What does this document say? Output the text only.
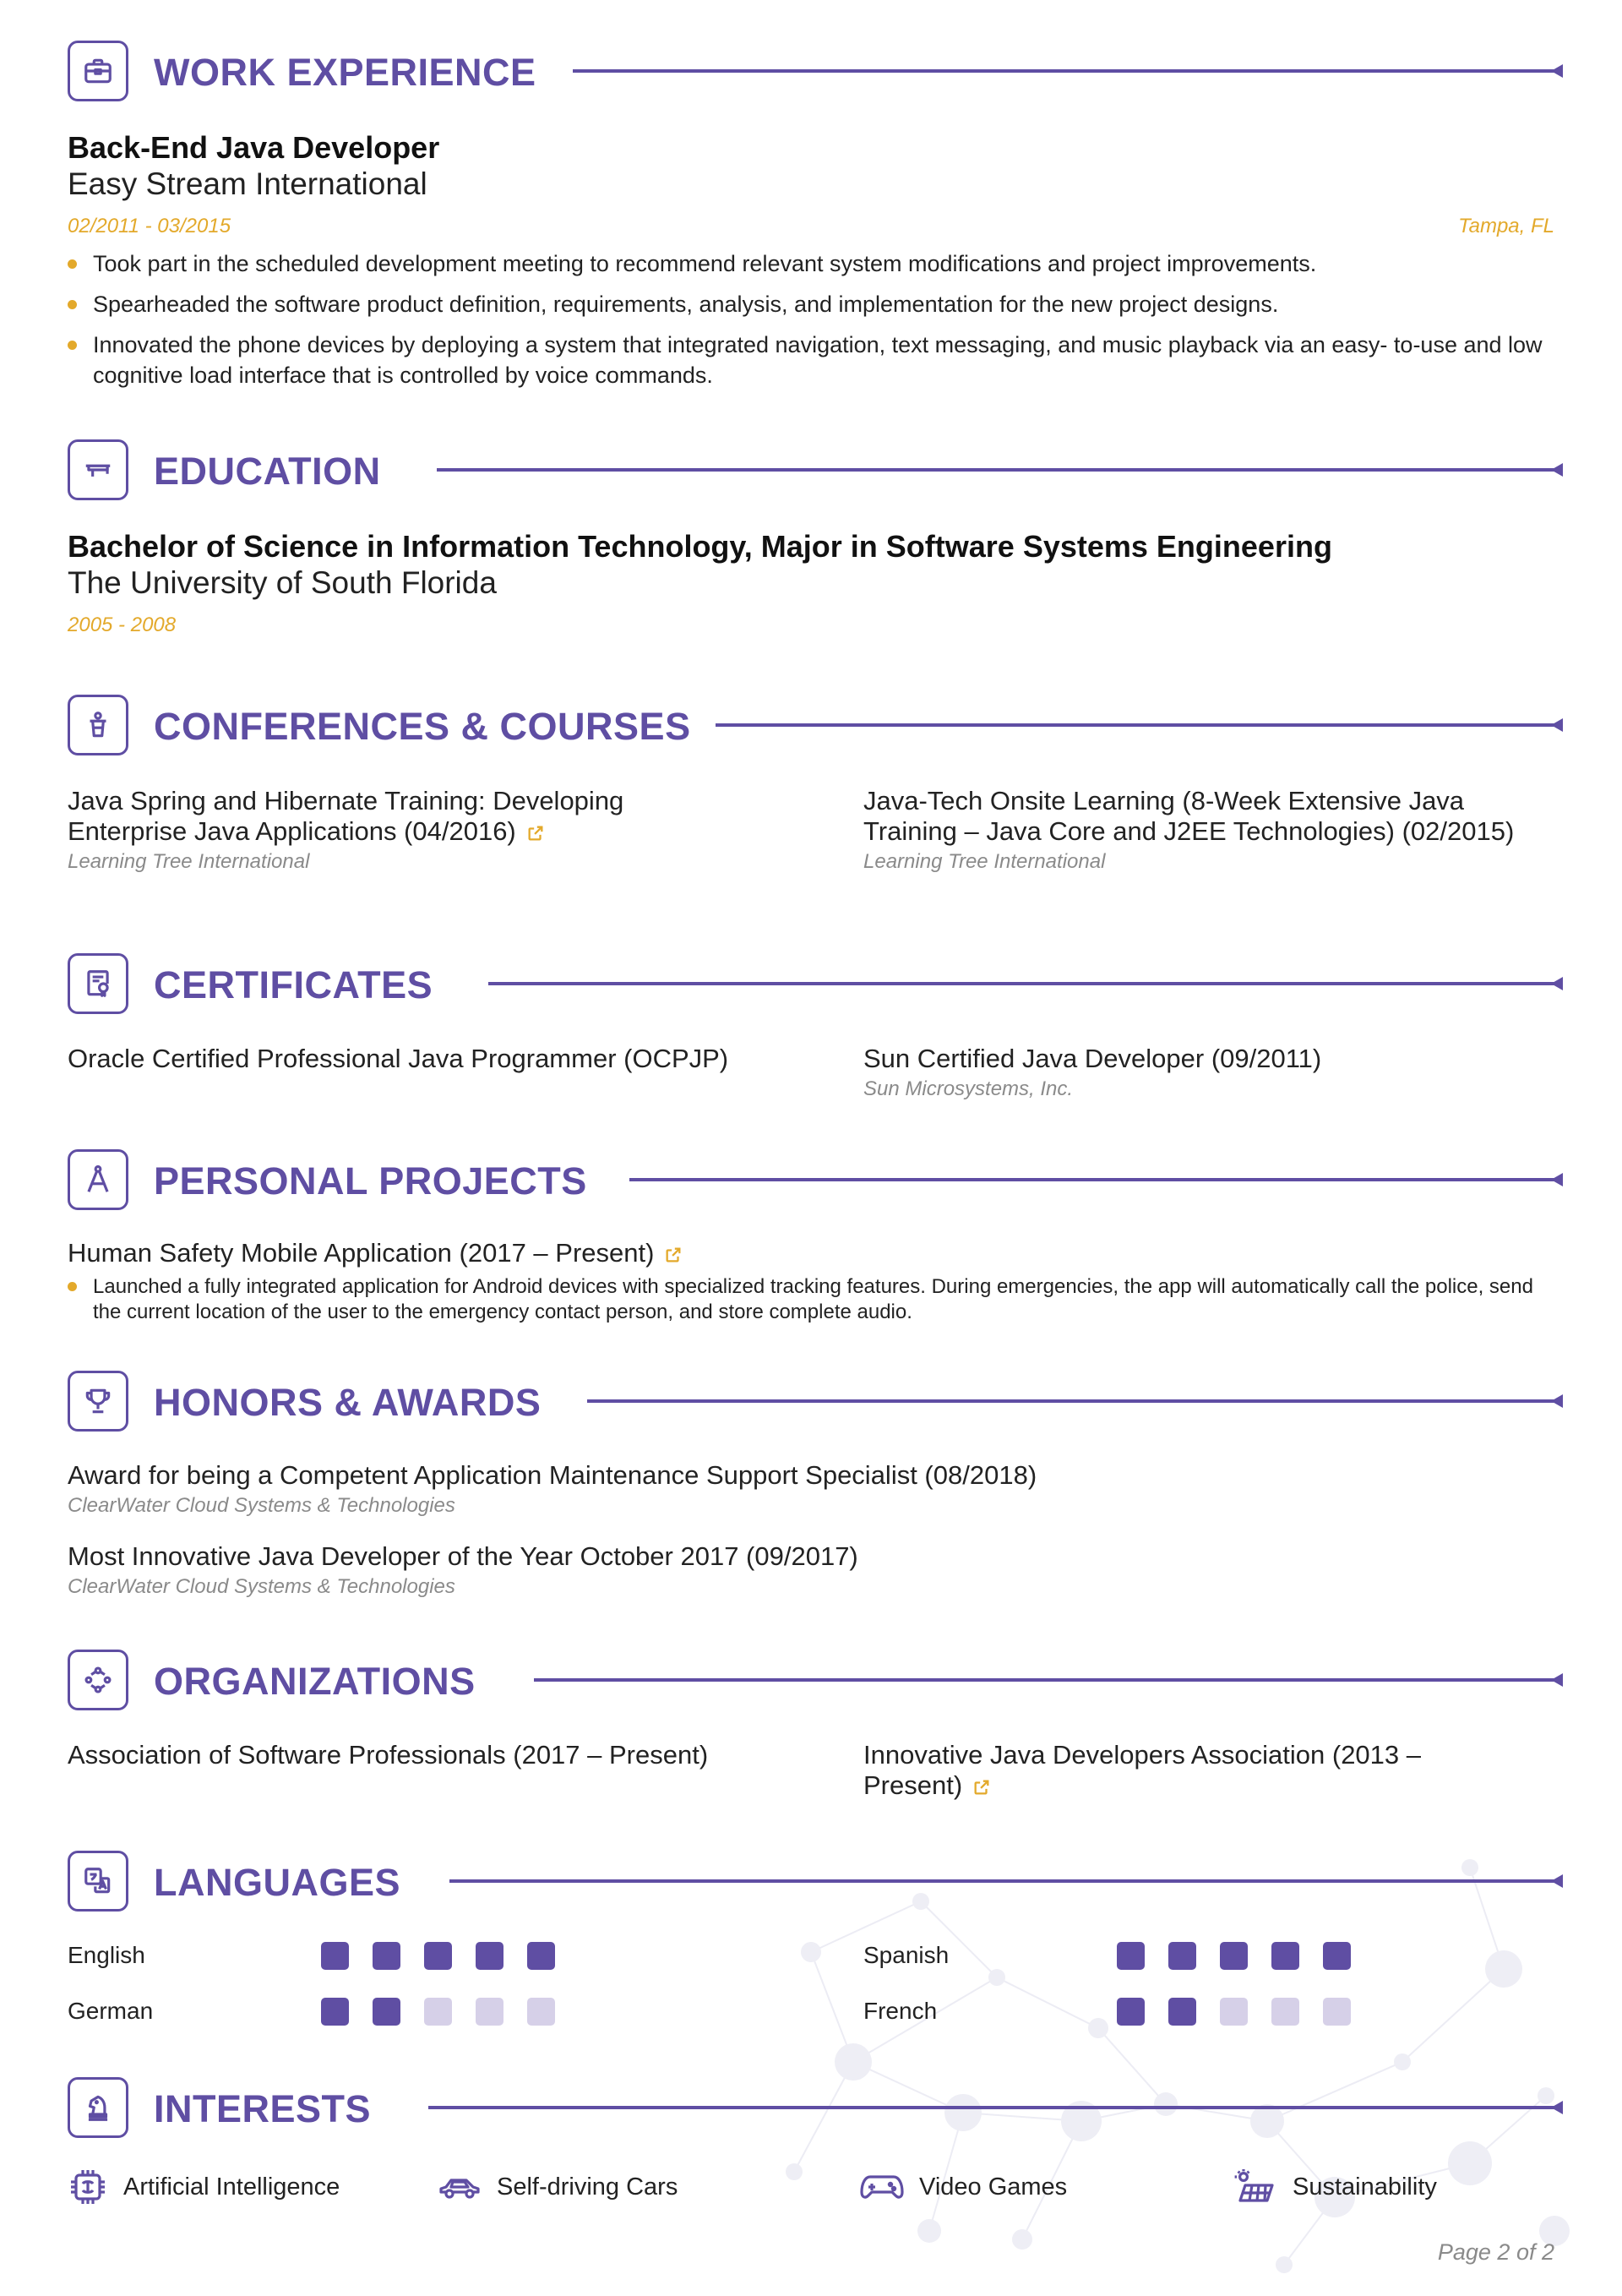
WORK EXPERIENCE
Back-End Java Developer
Easy Stream International
02/2011 - 03/2015	Tampa, FL
Took part in the scheduled development meeting to recommend relevant system modifications and project improvements.
Spearheaded the software product definition, requirements, analysis, and implementation for the new project designs.
Innovated the phone devices by deploying a system that integrated navigation, text messaging, and music playback via an easy- to-use and low cognitive load interface that is controlled by voice commands.
EDUCATION
Bachelor of Science in Information Technology, Major in Software Systems Engineering
The University of South Florida
2005 - 2008
CONFERENCES & COURSES
Java Spring and Hibernate Training: Developing Enterprise Java Applications (04/2016)
Learning Tree International
Java-Tech Onsite Learning (8-Week Extensive Java Training – Java Core and J2EE Technologies) (02/2015)
Learning Tree International
CERTIFICATES
Oracle Certified Professional Java Programmer (OCPJP)	Sun Certified Java Developer (09/2011)
Sun Microsystems, Inc.
PERSONAL PROJECTS
Human Safety Mobile Application (2017 – Present)
Launched a fully integrated application for Android devices with specialized tracking features. During emergencies, the app will automatically call the police, send the current location of the user to the emergency contact person, and store complete audio.
HONORS & AWARDS
Award for being a Competent Application Maintenance Support Specialist (08/2018)
ClearWater Cloud Systems & Technologies
Most Innovative Java Developer of the Year October 2017 (09/2017)
ClearWater Cloud Systems & Technologies
ORGANIZATIONS
Association of Software Professionals (2017 – Present)	Innovative Java Developers Association (2013 – Present)
LANGUAGES
English	Spanish
German	French
INTERESTS
Artificial Intelligence	Self-driving Cars	Video Games	Sustainability
Page 2 of 2
